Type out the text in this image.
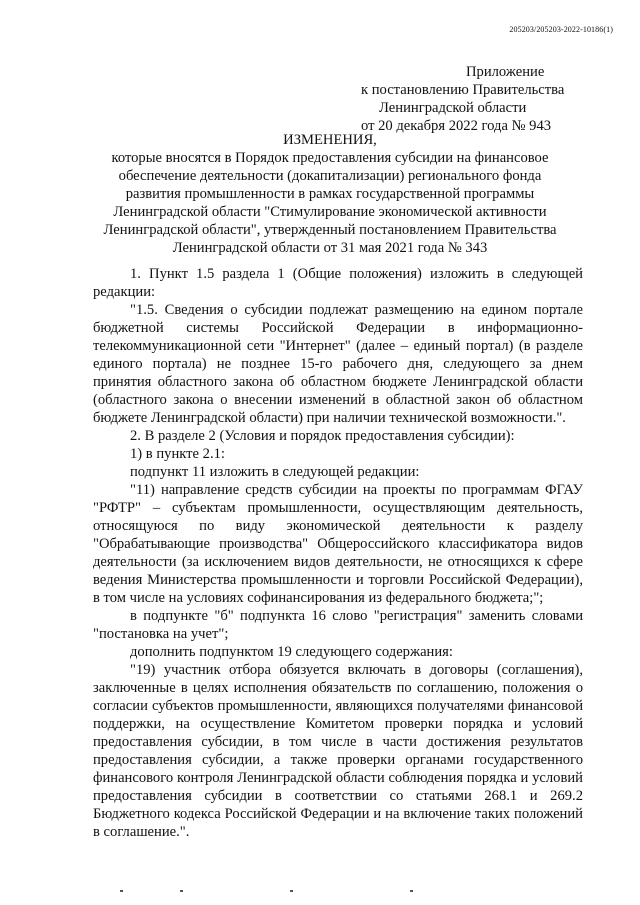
205203/205203-2022-10186(1)
Приложение
к постановлению Правительства
Ленинградской области
от 20 декабря 2022 года № 943
ИЗМЕНЕНИЯ,
которые вносятся в Порядок предоставления субсидии на финансовое
обеспечение деятельности (докапитализации) регионального фонда
развития промышленности в рамках государственной программы
Ленинградской области "Стимулирование экономической активности
Ленинградской области", утвержденный постановлением Правительства
Ленинградской области от 31 мая 2021 года № 343

1. Пункт 1.5 раздела 1 (Общие положения) изложить в следующей редакции:

"1.5. Сведения о субсидии подлежат размещению на едином портале бюджетной системы Российской Федерации в информационно-телекоммуникационной сети "Интернет" (далее – единый портал) (в разделе единого портала) не позднее 15-го рабочего дня, следующего за днем принятия областного закона об областном бюджете Ленинградской области (областного закона о внесении изменений в областной закон об областном бюджете Ленинградской области) при наличии технической возможности.".

2. В разделе 2 (Условия и порядок предоставления субсидии):

1) в пункте 2.1:

подпункт 11 изложить в следующей редакции:

"11) направление средств субсидии на проекты по программам ФГАУ "РФТР" – субъектам промышленности, осуществляющим деятельность, относящуюся по виду экономической деятельности к разделу "Обрабатывающие производства" Общероссийского классификатора видов деятельности (за исключением видов деятельности, не относящихся к сфере ведения Министерства промышленности и торговли Российской Федерации), в том числе на условиях софинансирования из федерального бюджета;";

в подпункте "б" подпункта 16 слово "регистрация" заменить словами "постановка на учет";

дополнить подпунктом 19 следующего содержания:

"19) участник отбора обязуется включать в договоры (соглашения), заключенные в целях исполнения обязательств по соглашению, положения о согласии субъектов промышленности, являющихся получателями финансовой поддержки, на осуществление Комитетом проверки порядка и условий предоставления субсидии, в том числе в части достижения результатов предоставления субсидии, а также проверки органами государственного финансового контроля Ленинградской области соблюдения порядка и условий предоставления субсидии в соответствии со статьями 268.1 и 269.2 Бюджетного кодекса Российской Федерации и на включение таких положений в соглашение.".
